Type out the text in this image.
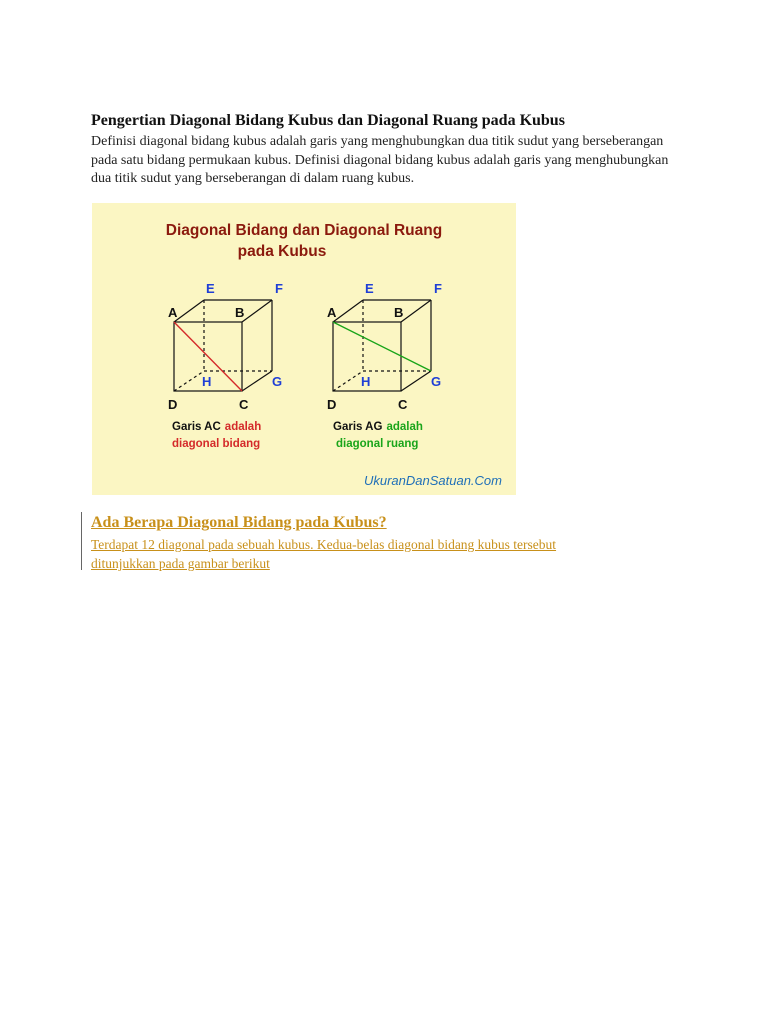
Pengertian Diagonal Bidang Kubus dan Diagonal Ruang pada Kubus

Definisi diagonal bidang kubus adalah garis yang menghubungkan dua titik sudut yang berseberangan pada satu bidang permukaan kubus. Definisi diagonal bidang kubus adalah garis yang menghubungkan dua titik sudut yang berseberangan di dalam ruang kubus.

Diagonal Bidang dan Diagonal Ruang
pada Kubus
A	B
E	F
H	G
D	C
Garis AC adalah
diagonal bidang
A	B
E	F
H	G
D	C
Garis AG adalah
diagonal ruang
UkuranDanSatuan.Com
Ada Berapa Diagonal Bidang pada Kubus?

Terdapat 12 diagonal pada sebuah kubus. Kedua-belas diagonal bidang kubus tersebut
ditunjukkan pada gambar berikut
